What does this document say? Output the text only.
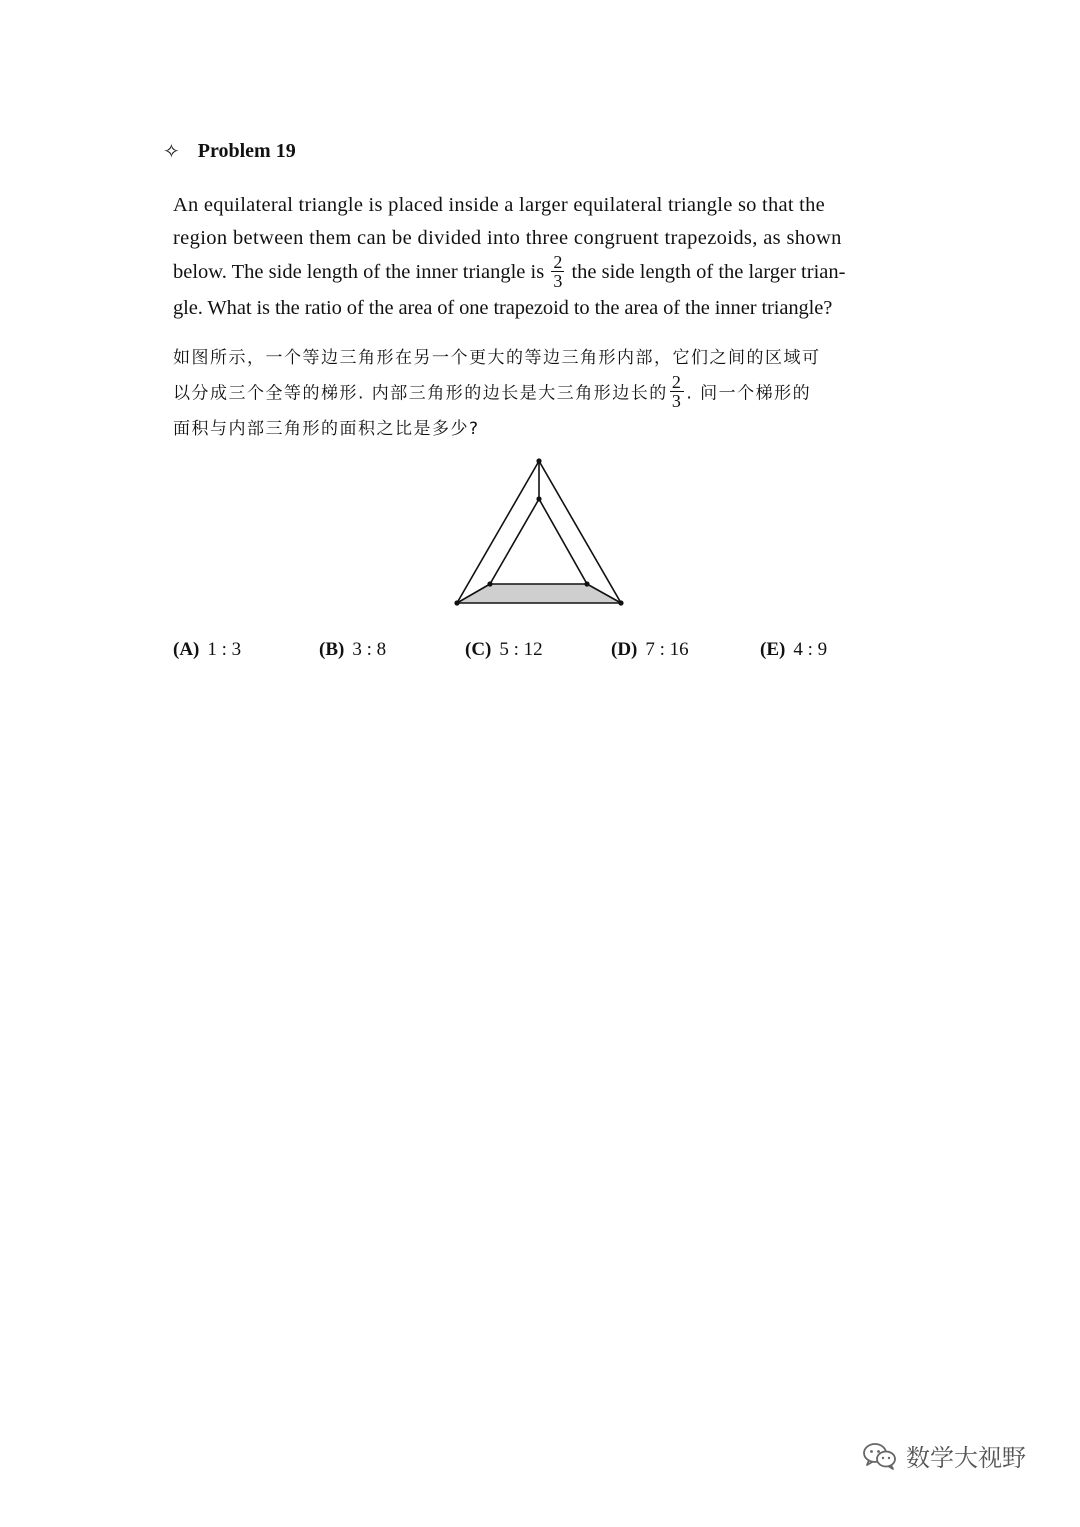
✧ Problem 19
An equilateral triangle is placed inside a larger equilateral triangle so that the
region between them can be divided into three congruent trapezoids, as shown
below. The side length of the inner triangle is $\frac{2}{3}$ the side length of the larger trian-
gle. What is the ratio of the area of one trapezoid to the area of the inner triangle?
如图所示，一个等边三角形在另一个更大的等边三角形内部，它们之间的区域可
以分成三个全等的梯形. 内部三角形的边长是大三角形边长的 $\frac{2}{3}$ . 问一个梯形的
面积与内部三角形的面积之比是多少?
(A) 1 : 3	(B) 3 : 8	(C) 5 : 12	(D) 7 : 16	(E) 4 : 9
数学大视野
